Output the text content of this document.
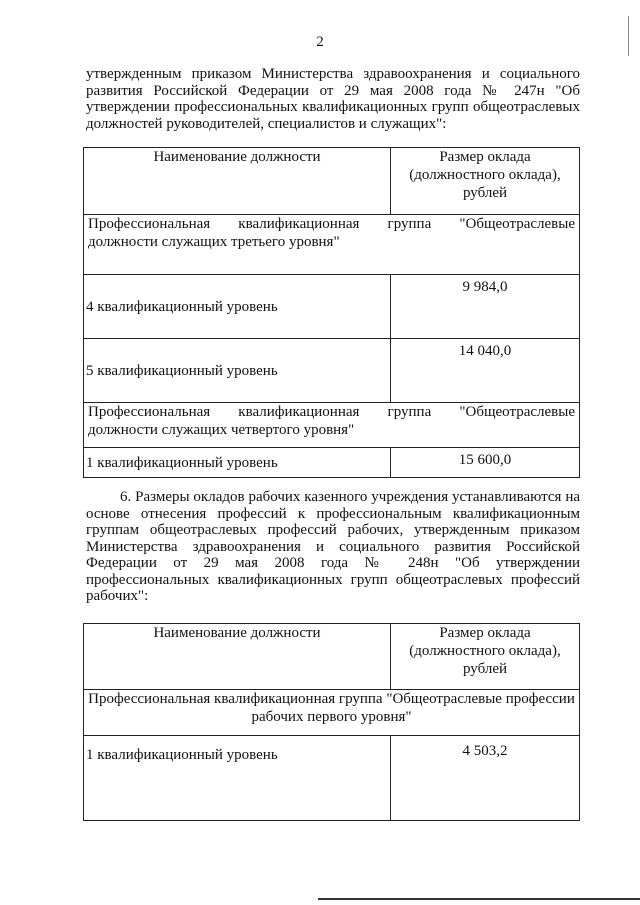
2
утвержденным приказом Министерства здравоохранения и социального развития Российской Федерации от 29 мая 2008 года № 247н "Об утверждении профессиональных квалификационных групп общеотраслевых должностей руководителей, специалистов и служащих":
Наименование должности	Размер оклада (должностного оклада), рублей
Профессиональная квалификационная группа "Общеотраслевые должности служащих третьего уровня"	
4 квалификационный уровень	9 984,0
5 квалификационный уровень	14 040,0
Профессиональная квалификационная группа "Общеотраслевые должности служащих четвертого уровня"	
1 квалификационный уровень	15 600,0
6. Размеры окладов рабочих казенного учреждения устанавливаются на основе отнесения профессий к профессиональным квалификационным группам общеотраслевых профессий рабочих, утвержденным приказом Министерства здравоохранения и социального развития Российской Федерации от 29 мая 2008 года № 248н "Об утверждении профессиональных квалификационных групп общеотраслевых профессий рабочих":
Наименование должности	Размер оклада (должностного оклада), рублей
Профессиональная квалификационная группа "Общеотраслевые профессии рабочих первого уровня"	
1 квалификационный уровень	4 503,2
